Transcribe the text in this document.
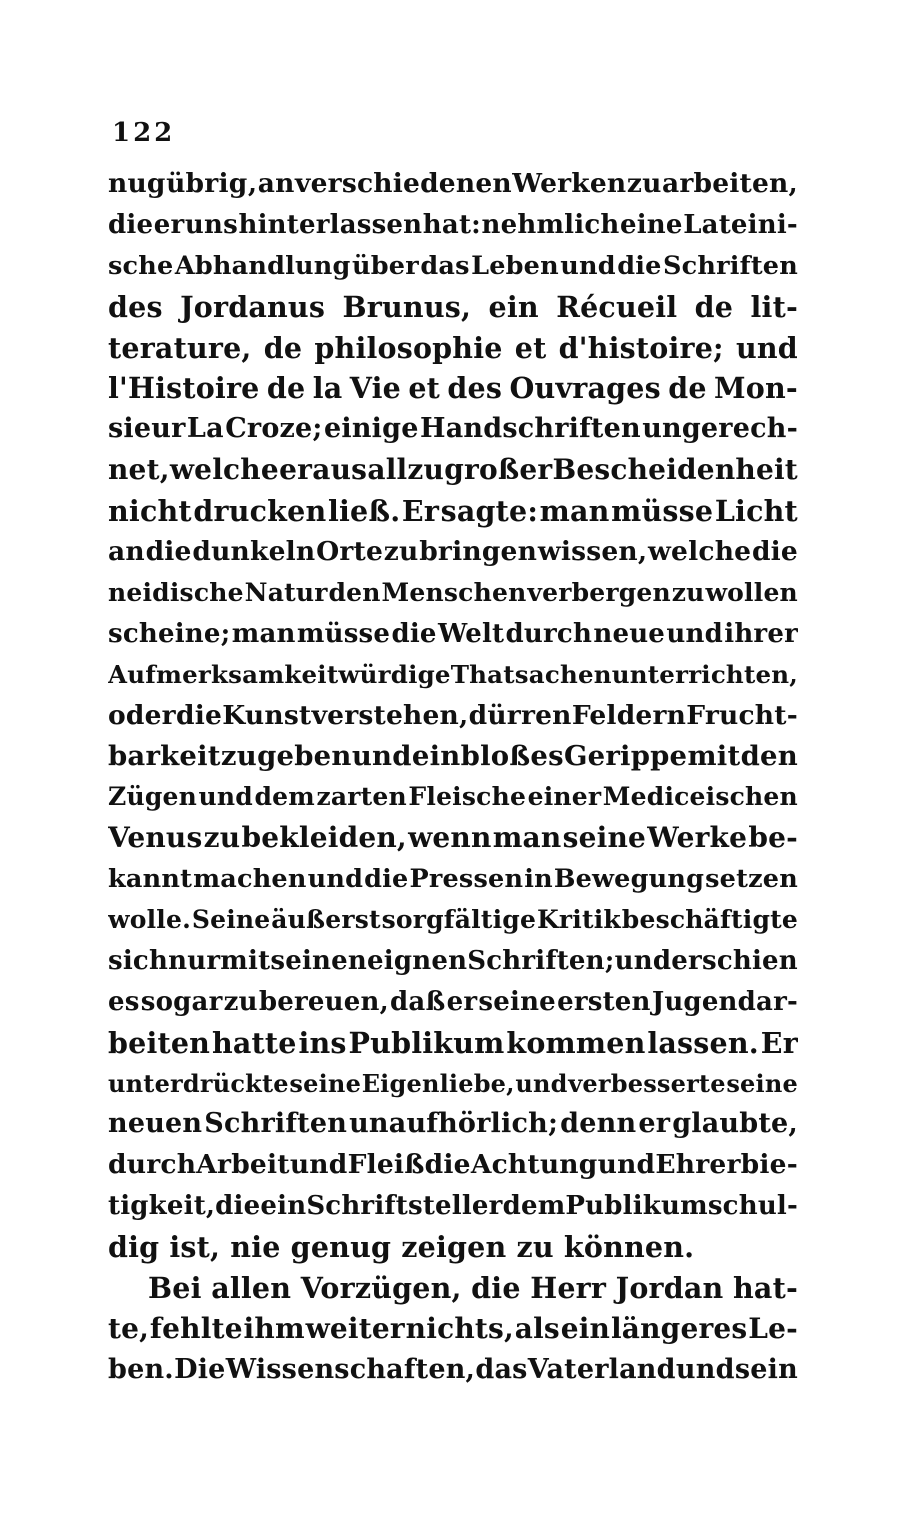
122
nug übrig , an verschiedenen Werken zu arbeiten,
die er uns hinterlassen hat: nehmlich eine Lateini-
sche Abhandlung über das Leben und die Schriften
des Jordanus Brunus, ein Récueil de lit-
terature, de philosophie et d'histoire; und
l'Histoire de la Vie et des Ouvrages de Mon-
sieur La Croze; einige Handschriften ungerech-
net, welche er aus allzu großer Bescheidenheit
nicht drucken ließ. Er sagte: man müsse Licht
an die dunkeln Orte zu bringen wissen, welche die
neidische Natur den Menschen verbergen zu wollen
scheine; man müsse die Welt durch neue und ihrer
Aufmerksamkeit würdige Thatsachen unterrichten,
oder die Kunst verstehen, dürren Feldern Frucht-
barkeit zu geben und ein bloßes Gerippe mit den
Zügen und dem zarten Fleische einer Mediceischen
Venus zu bekleiden, wenn man seine Werke be-
kannt machen und die Pressen in Bewegung setzen
wolle. Seine äußerst sorgfältige Kritik beschäftigte
sich nur mit seinen eignen Schriften; und er schien
es sogar zu bereuen, daß er seine ersten Jugendar-
beiten hatte ins Publikum kommen lassen. Er
unterdrückte seine Eigenliebe, und verbesserte seine
neuen Schriften unaufhörlich; denn er glaubte,
durch Arbeit und Fleiß die Achtung und Ehrerbie-
tigkeit, die ein Schriftsteller dem Publikum schul-
dig ist, nie genug zeigen zu können.
Bei allen Vorzügen, die Herr Jordan hat-
te, fehlte ihm weiter nichts, als ein längeres Le-
ben. Die Wissenschaften, das Vaterland und sein
